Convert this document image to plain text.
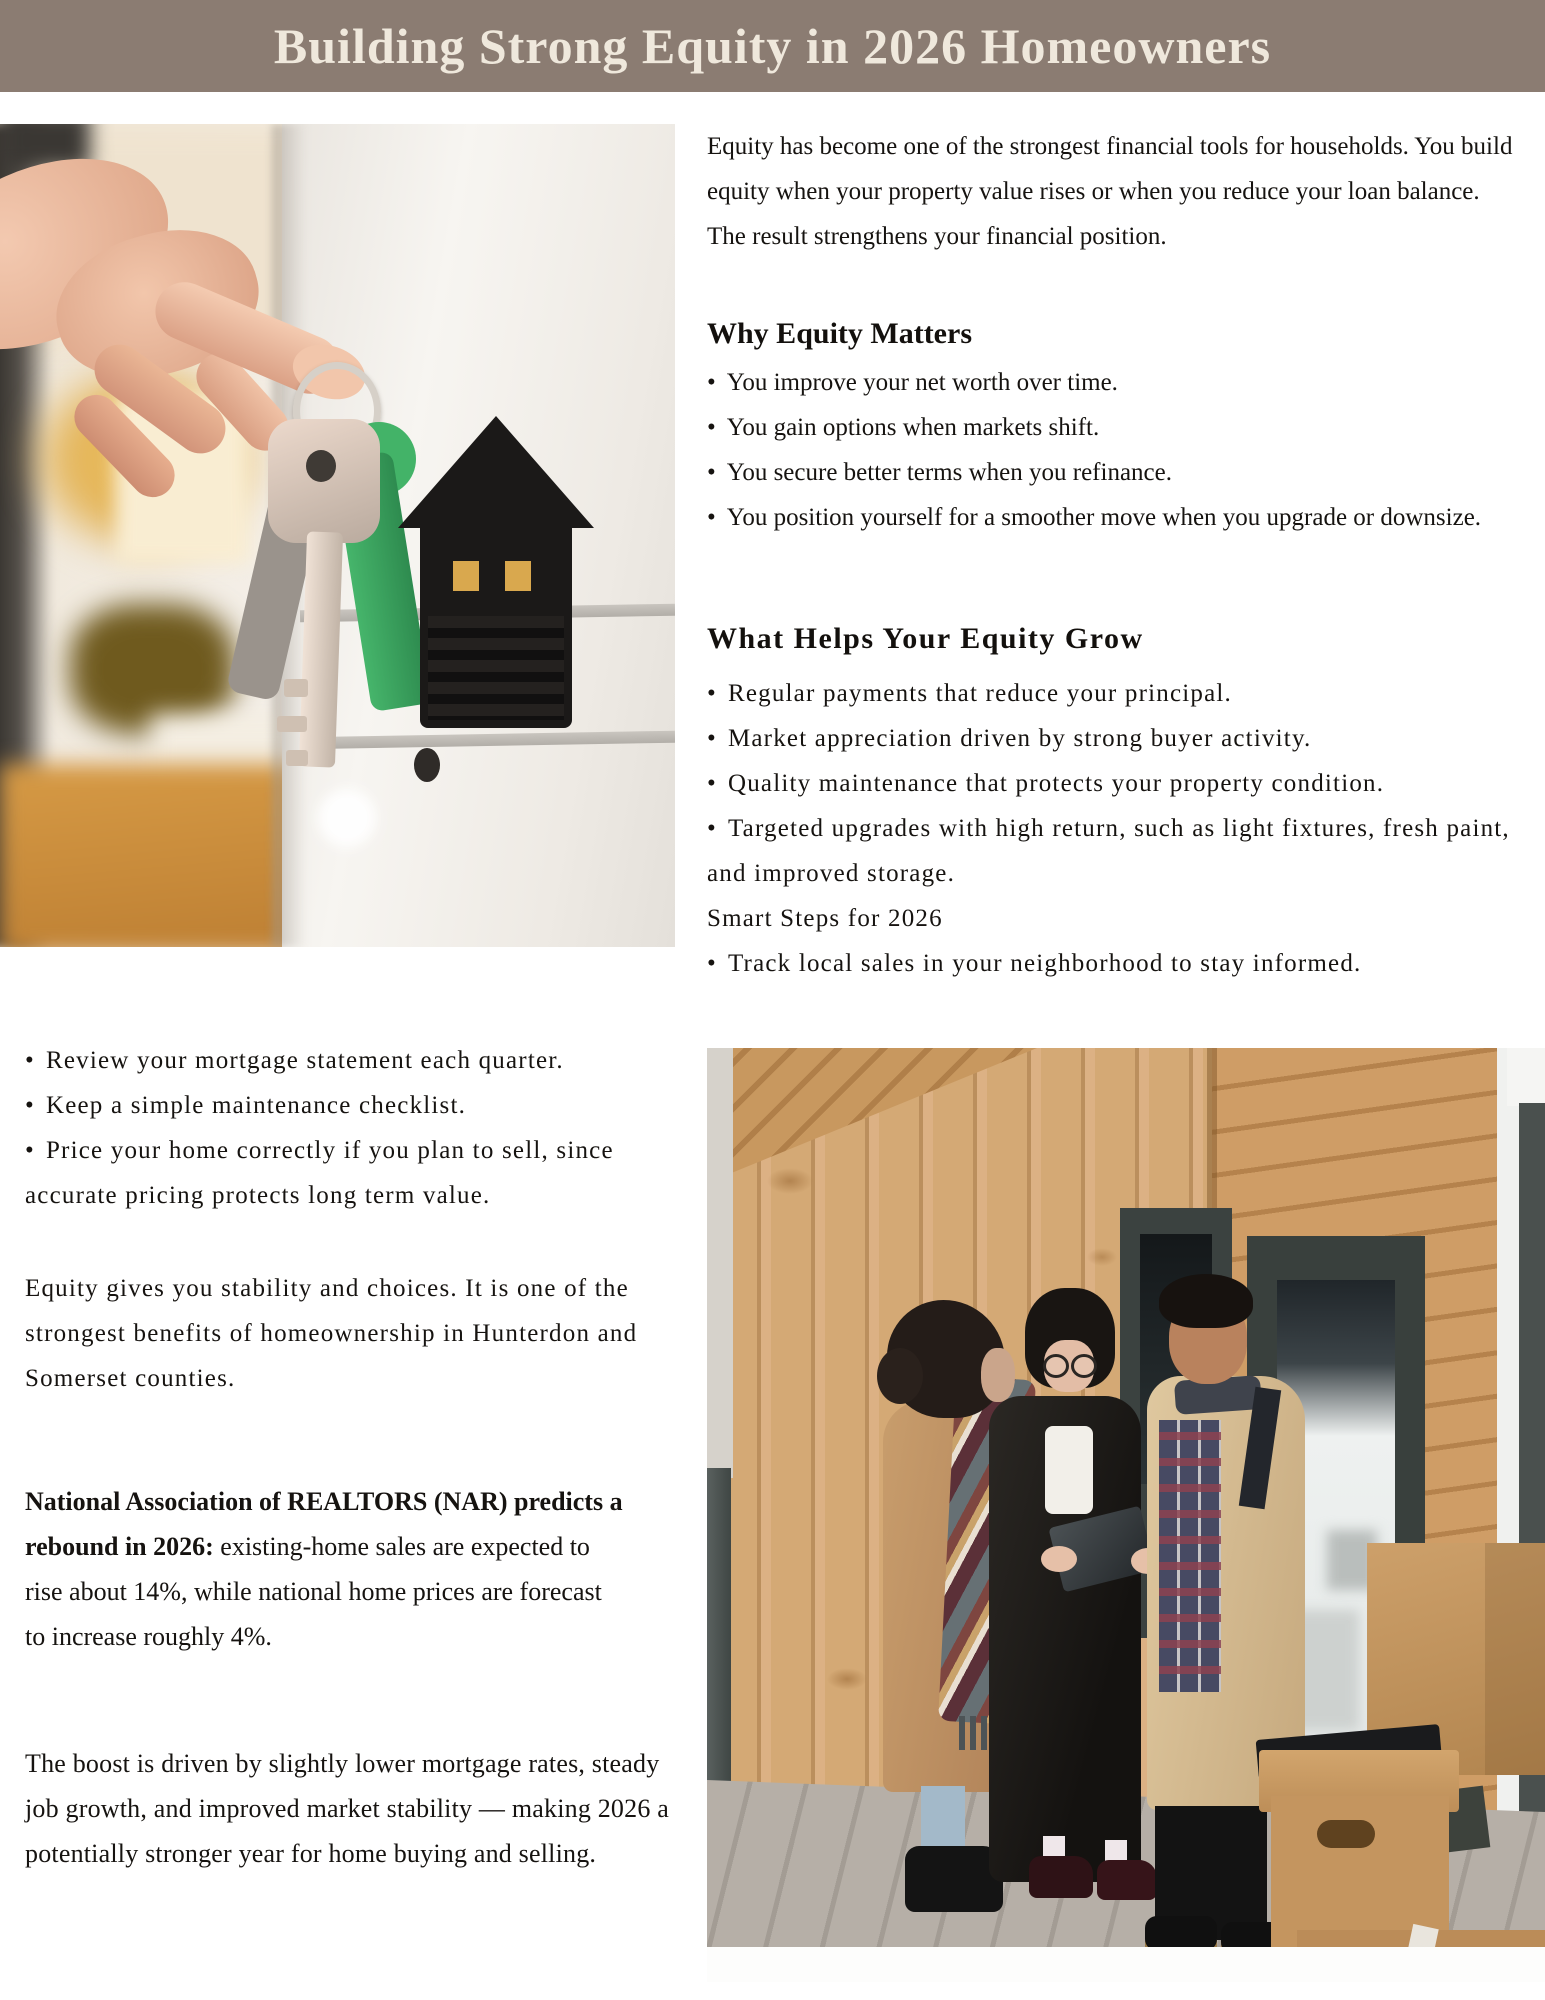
Building Strong Equity in 2026 Homeowners

Equity has become one of the strongest financial tools for households. You build equity when your property value rises or when you reduce your loan balance. The result strengthens your financial position.

Why Equity Matters
• You improve your net worth over time.
• You gain options when markets shift.
• You secure better terms when you refinance.
• You position yourself for a smoother move when you upgrade or downsize.
What Helps Your Equity Grow
• Regular payments that reduce your principal.
• Market appreciation driven by strong buyer activity.
• Quality maintenance that protects your property condition.
• Targeted upgrades with high return, such as light fixtures, fresh paint, and improved storage.

Smart Steps for 2026

• Track local sales in your neighborhood to stay informed.
• Review your mortgage statement each quarter.
• Keep a simple maintenance checklist.
• Price your home correctly if you plan to sell, since accurate pricing protects long term value.

Equity gives you stability and choices. It is one of the strongest benefits of homeownership in Hunterdon and Somerset counties.

National Association of REALTORS (NAR) predicts a rebound in 2026: existing-home sales are expected to rise about 14%, while national home prices are forecast to increase roughly 4%.

The boost is driven by slightly lower mortgage rates, steady job growth, and improved market stability — making 2026 a potentially stronger year for home buying and selling.
